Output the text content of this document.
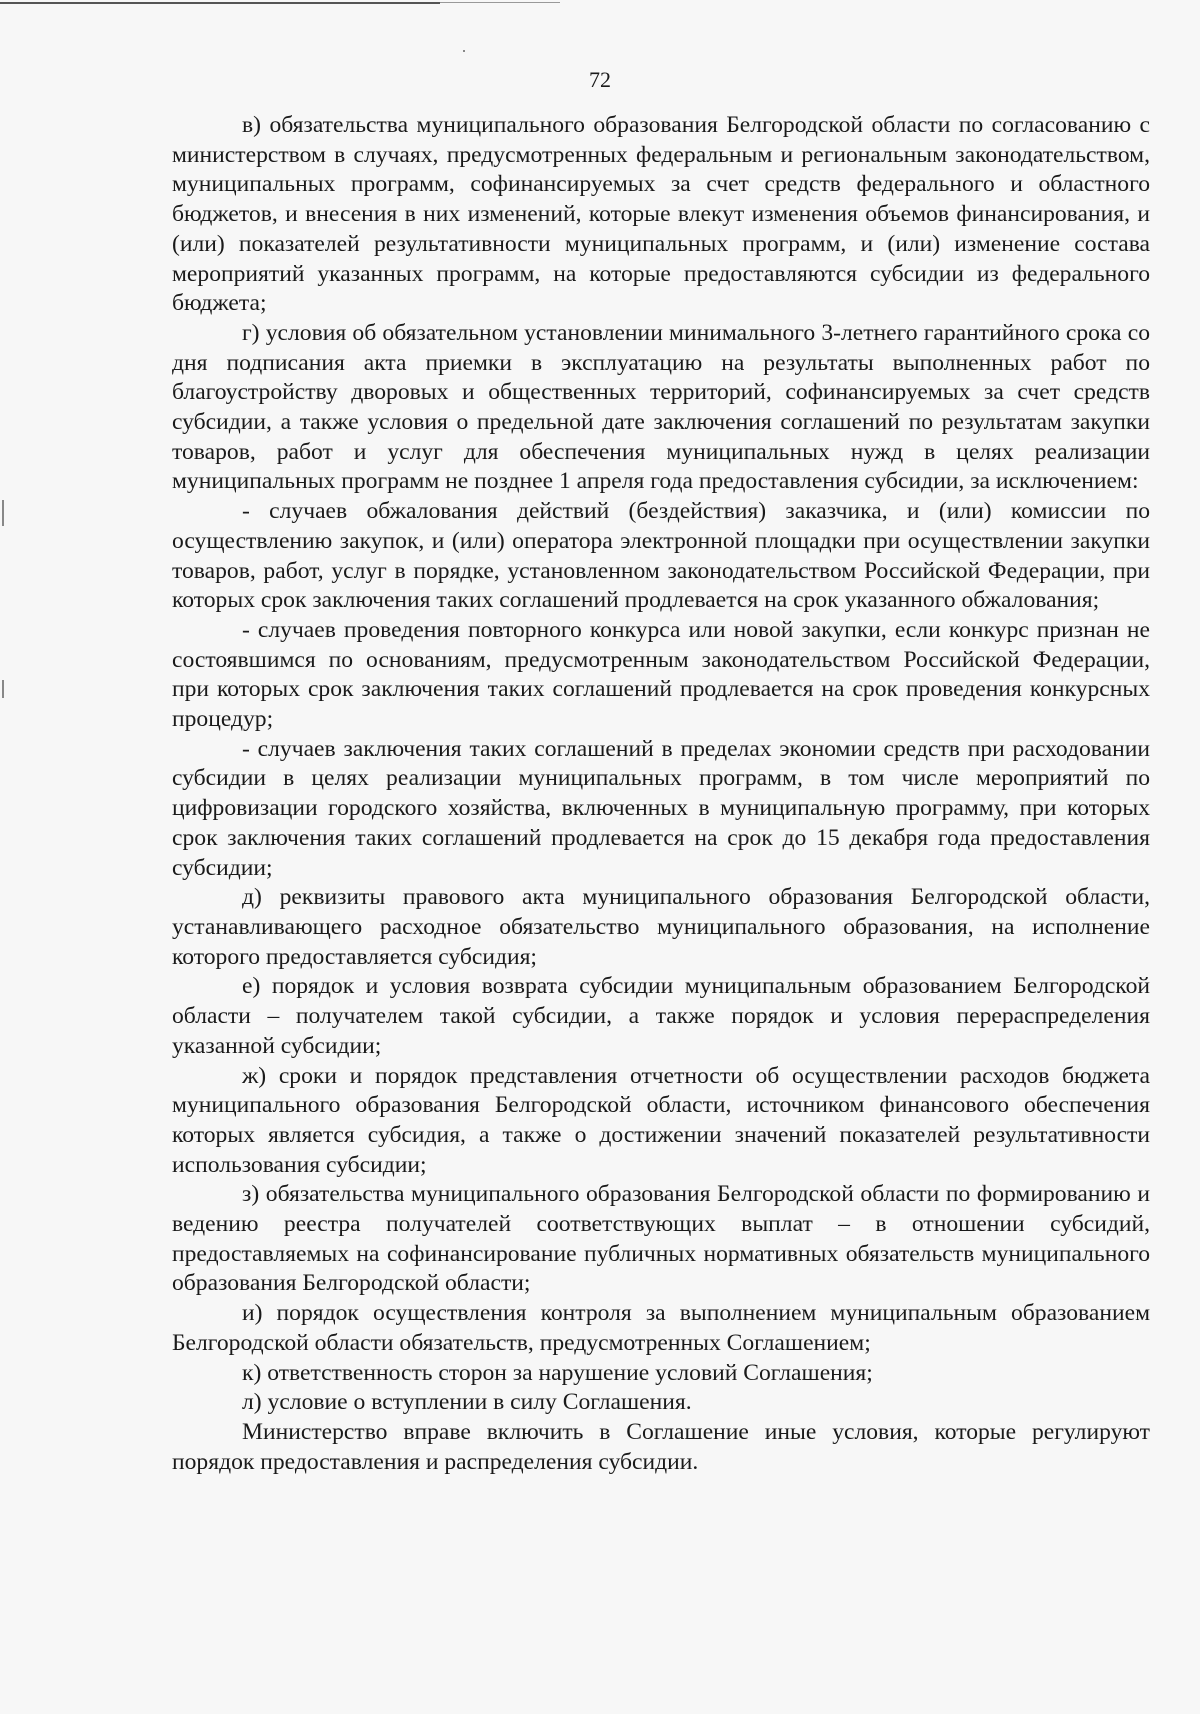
72

в) обязательства муниципального образования Белгородской области по согласованию с министерством в случаях, предусмотренных федеральным и региональным законодательством, муниципальных программ, софинансируемых за счет средств федерального и областного бюджетов, и внесения в них изменений, которые влекут изменения объемов финансирования, и (или) показателей результативности муниципальных программ, и (или) изменение состава мероприятий указанных программ, на которые предоставляются субсидии из федерального бюджета;

г) условия об обязательном установлении минимального 3-летнего гарантийного срока со дня подписания акта приемки в эксплуатацию на результаты выполненных работ по благоустройству дворовых и общественных территорий, софинансируемых за счет средств субсидии, а также условия о предельной дате заключения соглашений по результатам закупки товаров, работ и услуг для обеспечения муниципальных нужд в целях реализации муниципальных программ не позднее 1 апреля года предоставления субсидии, за исключением:

- случаев обжалования действий (бездействия) заказчика, и (или) комиссии по осуществлению закупок, и (или) оператора электронной площадки при осуществлении закупки товаров, работ, услуг в порядке, установленном законодательством Российской Федерации, при которых срок заключения таких соглашений продлевается на срок указанного обжалования;

- случаев проведения повторного конкурса или новой закупки, если конкурс признан не состоявшимся по основаниям, предусмотренным законодательством Российской Федерации, при которых срок заключения таких соглашений продлевается на срок проведения конкурсных процедур;

- случаев заключения таких соглашений в пределах экономии средств при расходовании субсидии в целях реализации муниципальных программ, в том числе мероприятий по цифровизации городского хозяйства, включенных в муниципальную программу, при которых срок заключения таких соглашений продлевается на срок до 15 декабря года предоставления субсидии;

д) реквизиты правового акта муниципального образования Белгородской области, устанавливающего расходное обязательство муниципального образования, на исполнение которого предоставляется субсидия;

е) порядок и условия возврата субсидии муниципальным образованием Белгородской области – получателем такой субсидии, а также порядок и условия перераспределения указанной субсидии;

ж) сроки и порядок представления отчетности об осуществлении расходов бюджета муниципального образования Белгородской области, источником финансового обеспечения которых является субсидия, а также о достижении значений показателей результативности использования субсидии;

з) обязательства муниципального образования Белгородской области по формированию и ведению реестра получателей соответствующих выплат – в отношении субсидий, предоставляемых на софинансирование публичных нормативных обязательств муниципального образования Белгородской области;

и) порядок осуществления контроля за выполнением муниципальным образованием Белгородской области обязательств, предусмотренных Соглашением;

к) ответственность сторон за нарушение условий Соглашения;

л) условие о вступлении в силу Соглашения.

Министерство вправе включить в Соглашение иные условия, которые регулируют порядок предоставления и распределения субсидии.
